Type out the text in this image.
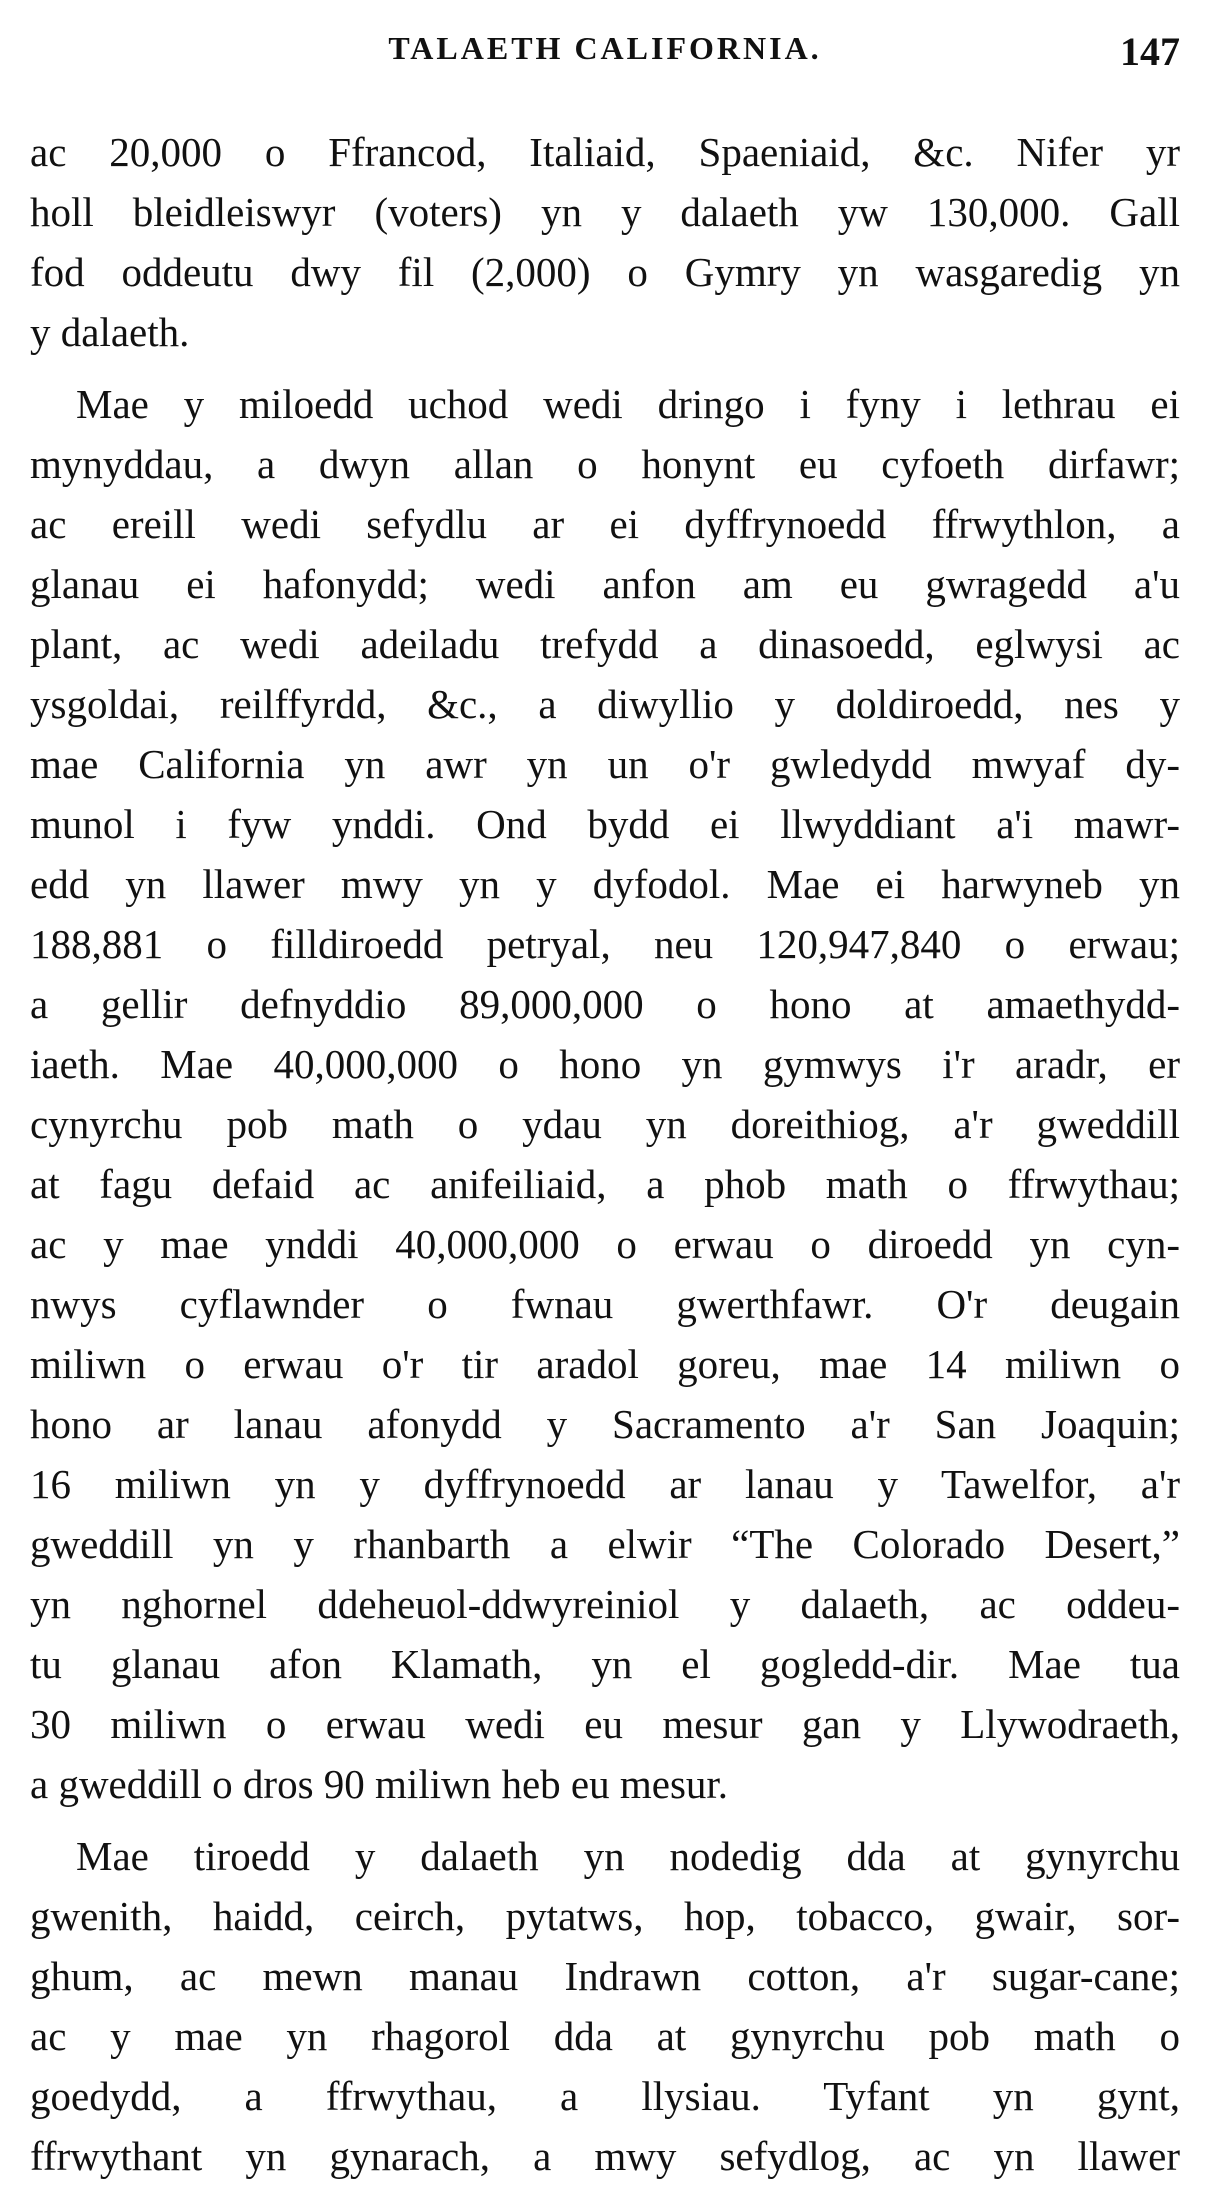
TALAETH CALIFORNIA.	147
ac 20,000 o Ffrancod, Italiaid, Spaeniaid, &c. Nifer yr
holl bleidleiswyr (voters) yn y dalaeth yw 130,000. Gall
fod oddeutu dwy fil (2,000) o Gymry yn wasgaredig yn
y dalaeth.
Mae y miloedd uchod wedi dringo i fyny i lethrau ei
mynyddau, a dwyn allan o honynt eu cyfoeth dirfawr;
ac ereill wedi sefydlu ar ei dyffrynoedd ffrwythlon, a
glanau ei hafonydd; wedi anfon am eu gwragedd a'u
plant, ac wedi adeiladu trefydd a dinasoedd, eglwysi ac
ysgoldai, reilffyrdd, &c., a diwyllio y doldiroedd, nes y
mae California yn awr yn un o'r gwledydd mwyaf dy-
munol i fyw ynddi. Ond bydd ei llwyddiant a'i mawr-
edd yn llawer mwy yn y dyfodol. Mae ei harwyneb yn
188,881 o filldiroedd petryal, neu 120,947,840 o erwau;
a gellir defnyddio 89,000,000 o hono at amaethydd-
iaeth. Mae 40,000,000 o hono yn gymwys i'r aradr, er
cynyrchu pob math o ydau yn doreithiog, a'r gweddill
at fagu defaid ac anifeiliaid, a phob math o ffrwythau;
ac y mae ynddi 40,000,000 o erwau o diroedd yn cyn-
nwys cyflawnder o fwnau gwerthfawr. O'r deugain
miliwn o erwau o'r tir aradol goreu, mae 14 miliwn o
hono ar lanau afonydd y Sacramento a'r San Joaquin;
16 miliwn yn y dyffrynoedd ar lanau y Tawelfor, a'r
gweddill yn y rhanbarth a elwir “The Colorado Desert,”
yn nghornel ddeheuol-ddwyreiniol y dalaeth, ac oddeu-
tu glanau afon Klamath, yn el gogledd-dir. Mae tua
30 miliwn o erwau wedi eu mesur gan y Llywodraeth,
a gweddill o dros 90 miliwn heb eu mesur.
Mae tiroedd y dalaeth yn nodedig dda at gynyrchu
gwenith, haidd, ceirch, pytatws, hop, tobacco, gwair, sor-
ghum, ac mewn manau Indrawn cotton, a'r sugar-cane;
ac y mae yn rhagorol dda at gynyrchu pob math o
goedydd, a ffrwythau, a llysiau. Tyfant yn gynt,
ffrwythant yn gynarach, a mwy sefydlog, ac yn llawer
